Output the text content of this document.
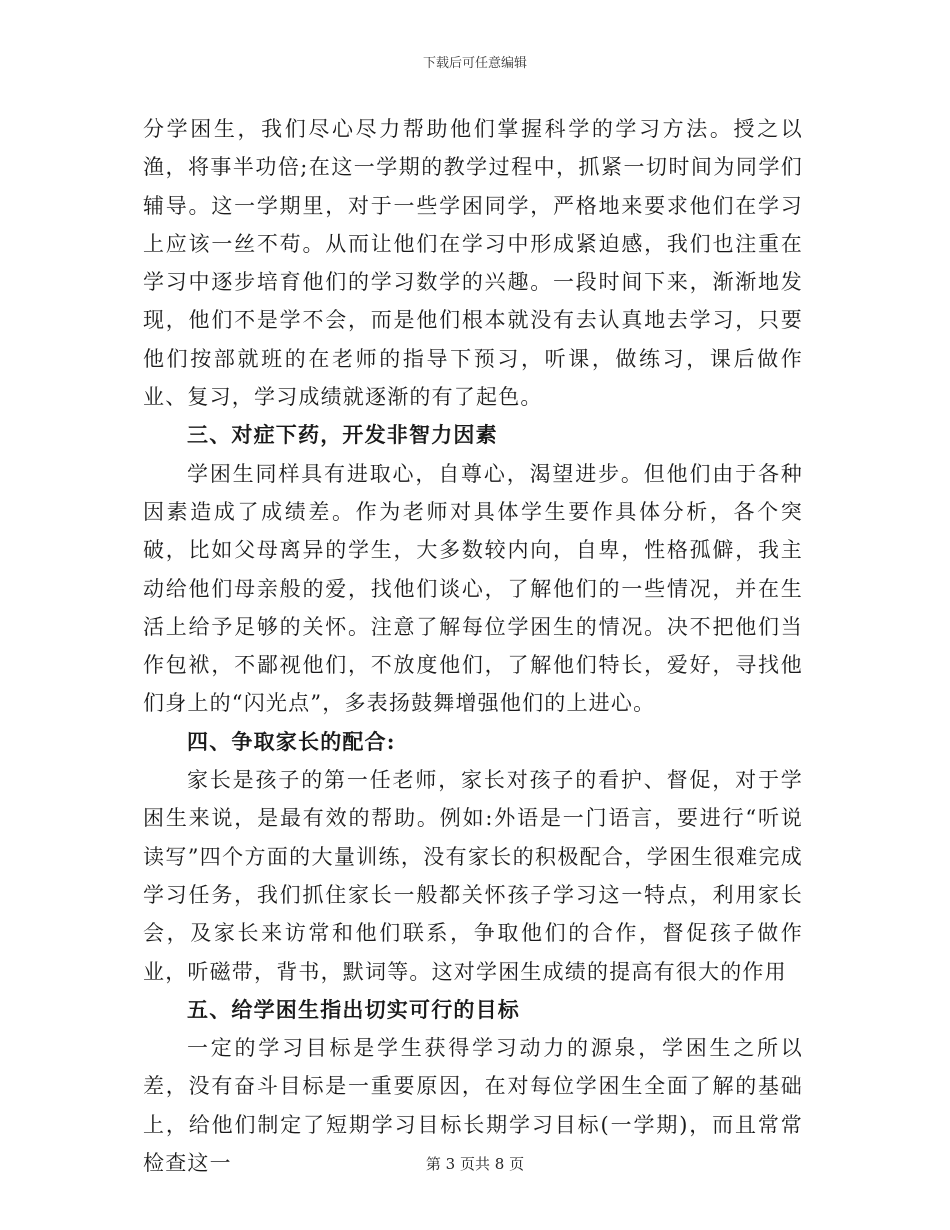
下载后可任意编辑

分学困生，我们尽心尽力帮助他们掌握科学的学习方法。授之以渔，将事半功倍;在这一学期的教学过程中，抓紧一切时间为同学们辅导。这一学期里，对于一些学困同学，严格地来要求他们在学习上应该一丝不苟。从而让他们在学习中形成紧迫感，我们也注重在学习中逐步培育他们的学习数学的兴趣。一段时间下来，渐渐地发现，他们不是学不会，而是他们根本就没有去认真地去学习，只要他们按部就班的在老师的指导下预习，听课，做练习，课后做作业、复习，学习成绩就逐渐的有了起色。

三、对症下药，开发非智力因素

学困生同样具有进取心，自尊心，渴望进步。但他们由于各种因素造成了成绩差。作为老师对具体学生要作具体分析，各个突破，比如父母离异的学生，大多数较内向，自卑，性格孤僻，我主动给他们母亲般的爱，找他们谈心，了解他们的一些情况，并在生活上给予足够的关怀。注意了解每位学困生的情况。决不把他们当作包袱，不鄙视他们，不放度他们，了解他们特长，爱好，寻找他们身上的“闪光点”，多表扬鼓舞增强他们的上进心。

四、争取家长的配合:

家长是孩子的第一任老师，家长对孩子的看护、督促，对于学困生来说，是最有效的帮助。例如:外语是一门语言，要进行“听说读写”四个方面的大量训练，没有家长的积极配合，学困生很难完成学习任务，我们抓住家长一般都关怀孩子学习这一特点，利用家长会，及家长来访常和他们联系，争取他们的合作，督促孩子做作业，听磁带，背书，默词等。这对学困生成绩的提高有很大的作用

五、给学困生指出切实可行的目标

一定的学习目标是学生获得学习动力的源泉，学困生之所以差，没有奋斗目标是一重要原因，在对每位学困生全面了解的基础上，给他们制定了短期学习目标长期学习目标(一学期)，而且常常检查这一	第 3 页共 8 页
